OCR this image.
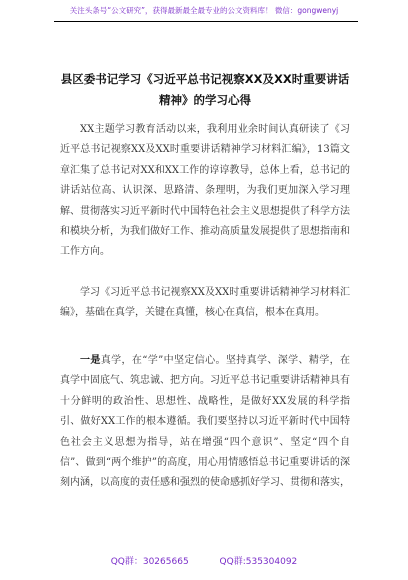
关注头条号“公文研究”，获得最新最全最专业的公文资料库！ 微信：gongwenyj
县区委书记学习《习近平总书记视察XX及XX时重要讲话精神》的学习心得

XX主题学习教育活动以来，我利用业余时间认真研读了《习近平总书记视察XX及XX时重要讲话精神学习材料汇编》，13篇文章汇集了总书记对XX和XX工作的谆谆教导，总体上看，总书记的讲话站位高、认识深、思路清、条理明，为我们更加深入学习理解、贯彻落实习近平新时代中国特色社会主义思想提供了科学方法和模块分析，为我们做好工作、推动高质量发展提供了思想指南和工作方向。

学习《习近平总书记视察XX及XX时重要讲话精神学习材料汇编》，基础在真学，关键在真懂，核心在真信，根本在真用。

一是真学，在“学”中坚定信心。坚持真学、深学、精学，在真学中固底气、筑忠诚、把方向。习近平总书记重要讲话精神具有十分鲜明的政治性、思想性、战略性，是做好XX发展的科学指引、做好XX工作的根本遵循。我们要坚持以习近平新时代中国特色社会主义思想为指导，站在增强“四个意识”、坚定“四个自信”、做到“两个维护”的高度，用心用情感悟总书记重要讲话的深刻内涵，以高度的责任感和强烈的使命感抓好学习、贯彻和落实，

QQ群：30265665	QQ群:535304092
